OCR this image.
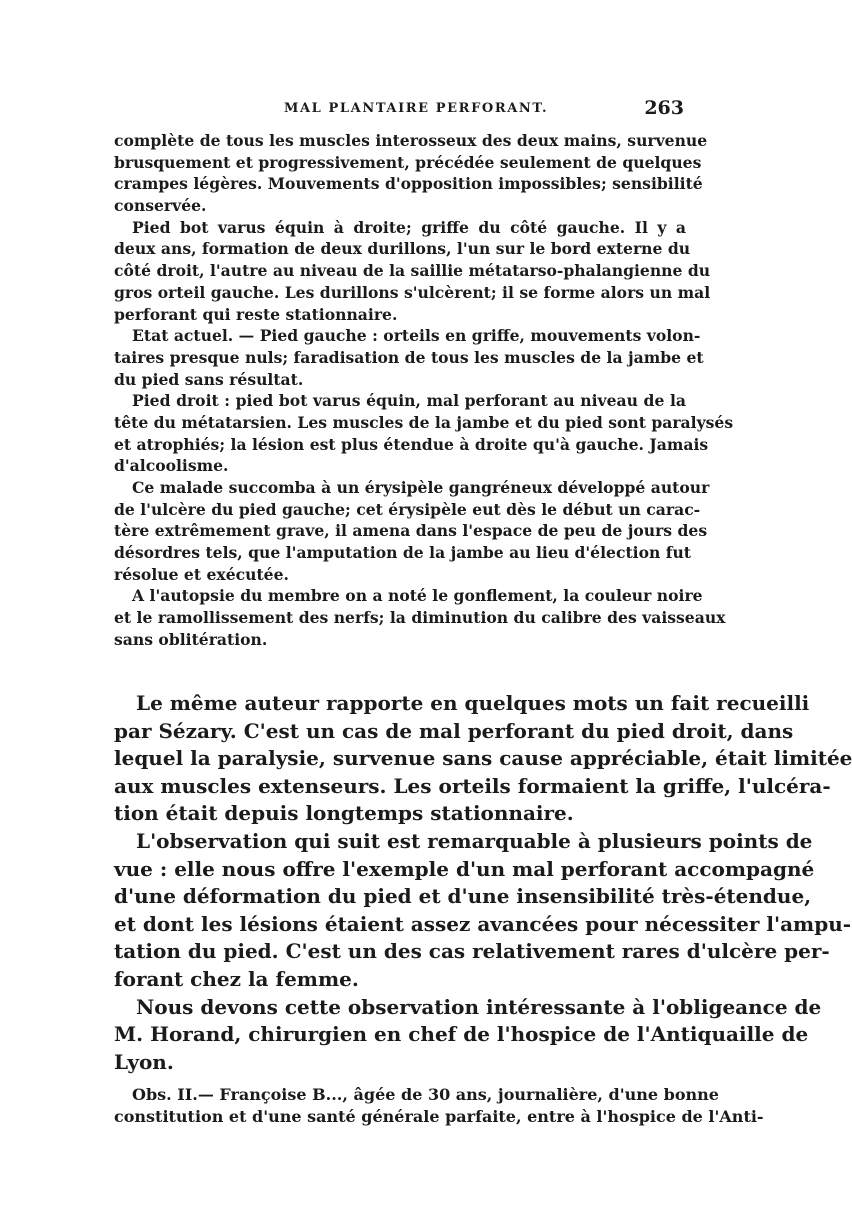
MAL PLANTAIRE PERFORANT.	263
complète de tous les muscles interosseux des deux mains, survenue
brusquement et progressivement, précédée seulement de quelques
crampes légères. Mouvements d'opposition impossibles; sensibilité
conservée.
Pied bot varus équin à droite; griffe du côté gauche. Il y a
deux ans, formation de deux durillons, l'un sur le bord externe du
côté droit, l'autre au niveau de la saillie métatarso-phalangienne du
gros orteil gauche. Les durillons s'ulcèrent; il se forme alors un mal
perforant qui reste stationnaire.
Etat actuel. — Pied gauche : orteils en griffe, mouvements volon-
taires presque nuls; faradisation de tous les muscles de la jambe et
du pied sans résultat.
Pied droit : pied bot varus équin, mal perforant au niveau de la
tête du métatarsien. Les muscles de la jambe et du pied sont paralysés
et atrophiés; la lésion est plus étendue à droite qu'à gauche. Jamais
d'alcoolisme.
Ce malade succomba à un érysipèle gangréneux développé autour
de l'ulcère du pied gauche; cet érysipèle eut dès le début un carac-
tère extrêmement grave, il amena dans l'espace de peu de jours des
désordres tels, que l'amputation de la jambe au lieu d'élection fut
résolue et exécutée.
A l'autopsie du membre on a noté le gonflement, la couleur noire
et le ramollissement des nerfs; la diminution du calibre des vaisseaux
sans oblitération.
Le même auteur rapporte en quelques mots un fait recueilli
par Sézary. C'est un cas de mal perforant du pied droit, dans
lequel la paralysie, survenue sans cause appréciable, était limitée
aux muscles extenseurs. Les orteils formaient la griffe, l'ulcéra-
tion était depuis longtemps stationnaire.
L'observation qui suit est remarquable à plusieurs points de
vue : elle nous offre l'exemple d'un mal perforant accompagné
d'une déformation du pied et d'une insensibilité très-étendue,
et dont les lésions étaient assez avancées pour nécessiter l'ampu-
tation du pied. C'est un des cas relativement rares d'ulcère per-
forant chez la femme.
Nous devons cette observation intéressante à l'obligeance de
M. Horand, chirurgien en chef de l'hospice de l'Antiquaille de
Lyon.
Obs. II.— Françoise B..., âgée de 30 ans, journalière, d'une bonne
constitution et d'une santé générale parfaite, entre à l'hospice de l'Anti-
